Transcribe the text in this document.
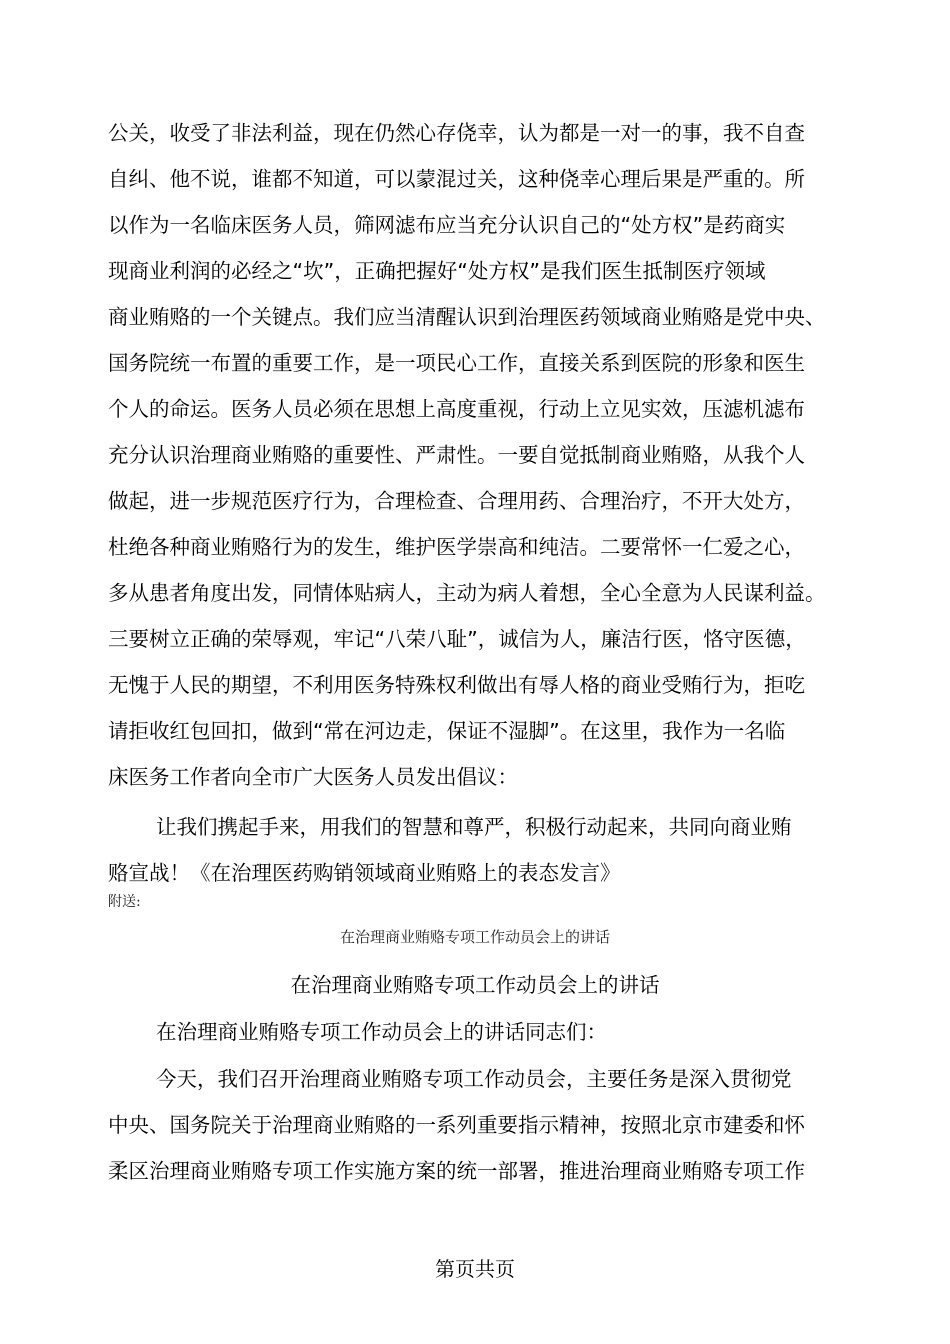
公关，收受了非法利益，现在仍然心存侥幸，认为都是一对一的事，我不自查
自纠、他不说，谁都不知道，可以蒙混过关，这种侥幸心理后果是严重的。所
以作为一名临床医务人员，筛网滤布应当充分认识自己的“处方权”是药商实
现商业利润的必经之“坎”，正确把握好“处方权”是我们医生抵制医疗领域
商业贿赂的一个关键点。我们应当清醒认识到治理医药领域商业贿赂是党中央、
国务院统一布置的重要工作，是一项民心工作，直接关系到医院的形象和医生
个人的命运。医务人员必须在思想上高度重视，行动上立见实效，压滤机滤布
充分认识治理商业贿赂的重要性、严肃性。一要自觉抵制商业贿赂，从我个人
做起，进一步规范医疗行为，合理检查、合理用药、合理治疗，不开大处方，
杜绝各种商业贿赂行为的发生，维护医学崇高和纯洁。二要常怀一仁爱之心，
多从患者角度出发，同情体贴病人，主动为病人着想，全心全意为人民谋利益。
三要树立正确的荣辱观，牢记“八荣八耻”，诚信为人，廉洁行医，恪守医德，
无愧于人民的期望，不利用医务特殊权利做出有辱人格的商业受贿行为，拒吃
请拒收红包回扣，做到“常在河边走，保证不湿脚”。在这里，我作为一名临
床医务工作者向全市广大医务人员发出倡议：
让我们携起手来，用我们的智慧和尊严，积极行动起来，共同向商业贿
赂宣战！《在治理医药购销领域商业贿赂上的表态发言》
附送:
在治理商业贿赂专项工作动员会上的讲话
在治理商业贿赂专项工作动员会上的讲话
在治理商业贿赂专项工作动员会上的讲话同志们：
今天，我们召开治理商业贿赂专项工作动员会，主要任务是深入贯彻党
中央、国务院关于治理商业贿赂的一系列重要指示精神，按照北京市建委和怀
柔区治理商业贿赂专项工作实施方案的统一部署，推进治理商业贿赂专项工作
第页共页
